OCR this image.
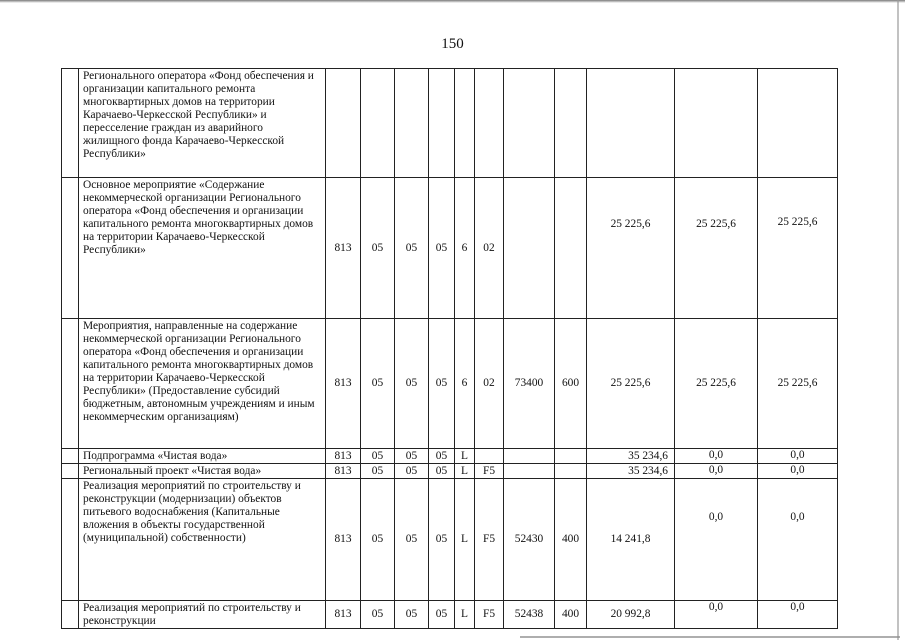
150
	Регионального оператора «Фонд обеспечения и организации капитального ремонта многоквартирных домов на территории Карачаево-Черкесской Республики» и пересселение граждан из аварийного жилищного фонда Карачаево-Черкесской Республики»											
	Основное мероприятие «Содержание некоммерческой организации Регионального оператора «Фонд обеспечения и организации капитального ремонта многоквартирных домов на территории Карачаево-Черкесской Республики»	813	05	05	05	6	02			25 225,6	25 225,6	25 225,6
	Мероприятия, направленные на содержание некоммерческой организации Регионального оператора «Фонд обеспечения и организации капитального ремонта многоквартирных домов на территории Карачаево-Черкесской Республики» (Предоставление субсидий бюджетным, автономным учреждениям и иным некоммерческим организациям)	813	05	05	05	6	02	73400	600	25 225,6	25 225,6	25 225,6
	Подпрограмма «Чистая вода»	813	05	05	05	L				35 234,6	0,0	0,0
	Региональный проект «Чистая вода»	813	05	05	05	L	F5			35 234,6	0,0	0,0
	Реализация мероприятий по строительству и реконструкции (модернизации) объектов питьевого водоснабжения (Капитальные вложения в объекты государственной (муниципальной) собственности)	813	05	05	05	L	F5	52430	400	14 241,8	0,0	0,0
	Реализация мероприятий по строительству и реконструкции	813	05	05	05	L	F5	52438	400	20 992,8	0,0	0,0
